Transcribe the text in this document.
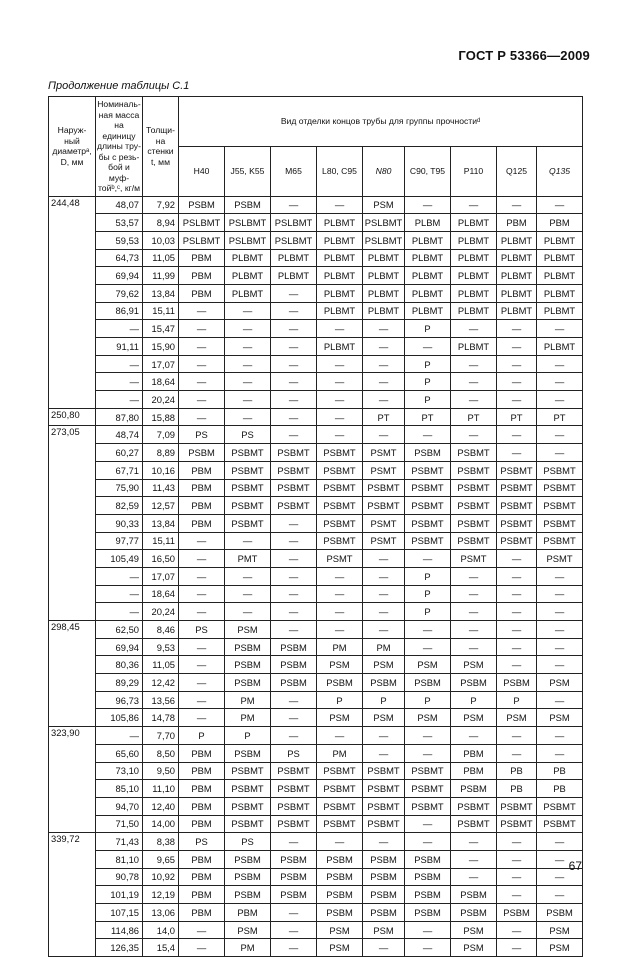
ГОСТ Р 53366—2009
Продолжение таблицы С.1
Наруж-ный диаметрᵃ, D, мм	Номиналь-ная масса на единицу длины тру-бы с резь-бой и муф-тойᵇ,ᶜ, кг/м	Толщи-на стенки t, мм	Вид отделки концов трубы для группы прочностиᵈ								
			H40	J55, K55	M65	L80, C95	N80	C90, T95	P110	Q125	Q135
244,48	48,07	7,92	PSBM	PSBM	—	—	PSM	—	—	—	—
	53,57	8,94	PSLBMT	PSLBMT	PSLBMT	PLBMT	PSLBMT	PLBM	PLBMT	PBM	PBM
	59,53	10,03	PSLBMT	PSLBMT	PSLBMT	PLBMT	PSLBMT	PLBMT	PLBMT	PLBMT	PLBMT
	64,73	11,05	PBM	PLBMT	PLBMT	PLBMT	PLBMT	PLBMT	PLBMT	PLBMT	PLBMT
	69,94	11,99	PBM	PLBMT	PLBMT	PLBMT	PLBMT	PLBMT	PLBMT	PLBMT	PLBMT
	79,62	13,84	PBM	PLBMT	—	PLBMT	PLBMT	PLBMT	PLBMT	PLBMT	PLBMT
	86,91	15,11	—	—	—	PLBMT	PLBMT	PLBMT	PLBMT	PLBMT	PLBMT
	—	15,47	—	—	—	—	—	P	—	—	—
	91,11	15,90	—	—	—	PLBMT	—	—	PLBMT	—	PLBMT
	—	17,07	—	—	—	—	—	P	—	—	—
	—	18,64	—	—	—	—	—	P	—	—	—
	—	20,24	—	—	—	—	—	P	—	—	—
250,80	87,80	15,88	—	—	—	—	PT	PT	PT	PT	PT
273,05	48,74	7,09	PS	PS	—	—	—	—	—	—	—
	60,27	8,89	PSBM	PSBMT	PSBMT	PSBMT	PSMT	PSBM	PSBMT	—	—
	67,71	10,16	PBM	PSBMT	PSBMT	PSBMT	PSMT	PSBMT	PSBMT	PSBMT	PSBMT
	75,90	11,43	PBM	PSBMT	PSBMT	PSBMT	PSBMT	PSBMT	PSBMT	PSBMT	PSBMT
	82,59	12,57	PBM	PSBMT	PSBMT	PSBMT	PSBMT	PSBMT	PSBMT	PSBMT	PSBMT
	90,33	13,84	PBM	PSBMT	—	PSBMT	PSMT	PSBMT	PSBMT	PSBMT	PSBMT
	97,77	15,11	—	—	—	PSBMT	PSMT	PSBMT	PSBMT	PSBMT	PSBMT
	105,49	16,50	—	PMT	—	PSMT	—	—	PSMT	—	PSMT
	—	17,07	—	—	—	—	—	P	—	—	—
	—	18,64	—	—	—	—	—	P	—	—	—
	—	20,24	—	—	—	—	—	P	—	—	—
298,45	62,50	8,46	PS	PSM	—	—	—	—	—	—	—
	69,94	9,53	—	PSBM	PSBM	PM	PM	—	—	—	—
	80,36	11,05	—	PSBM	PSBM	PSM	PSM	PSM	PSM	—	—
	89,29	12,42	—	PSBM	PSBM	PSBM	PSBM	PSBM	PSBM	PSBM	PSM
	96,73	13,56	—	PM	—	P	P	P	P	P	—
	105,86	14,78	—	PM	—	PSM	PSM	PSM	PSM	PSM	PSM
323,90	—	7,70	P	P	—	—	—	—	—	—	—
	65,60	8,50	PBM	PSBM	PS	PM	—	—	PBM	—	—
	73,10	9,50	PBM	PSBMT	PSBMT	PSBMT	PSBMT	PSBMT	PBM	PB	PB
	85,10	11,10	PBM	PSBMT	PSBMT	PSBMT	PSBMT	PSBMT	PSBM	PB	PB
	94,70	12,40	PBM	PSBMT	PSBMT	PSBMT	PSBMT	PSBMT	PSBMT	PSBMT	PSBMT
	71,50	14,00	PBM	PSBMT	PSBMT	PSBMT	PSBMT	—	PSBMT	PSBMT	PSBMT
339,72	71,43	8,38	PS	PS	—	—	—	—	—	—	—
	81,10	9,65	PBM	PSBM	PSBM	PSBM	PSBM	PSBM	—	—	—
	90,78	10,92	PBM	PSBM	PSBM	PSBM	PSBM	PSBM	—	—	—
	101,19	12,19	PBM	PSBM	PSBM	PSBM	PSBM	PSBM	PSBM	—	—
	107,15	13,06	PBM	PBM	—	PSBM	PSBM	PSBM	PSBM	PSBM	PSBM
	114,86	14,0	—	PSM	—	PSM	PSM	—	PSM	—	PSM
	126,35	15,4	—	PM	—	PSM	—	—	PSM	—	PSM
67
